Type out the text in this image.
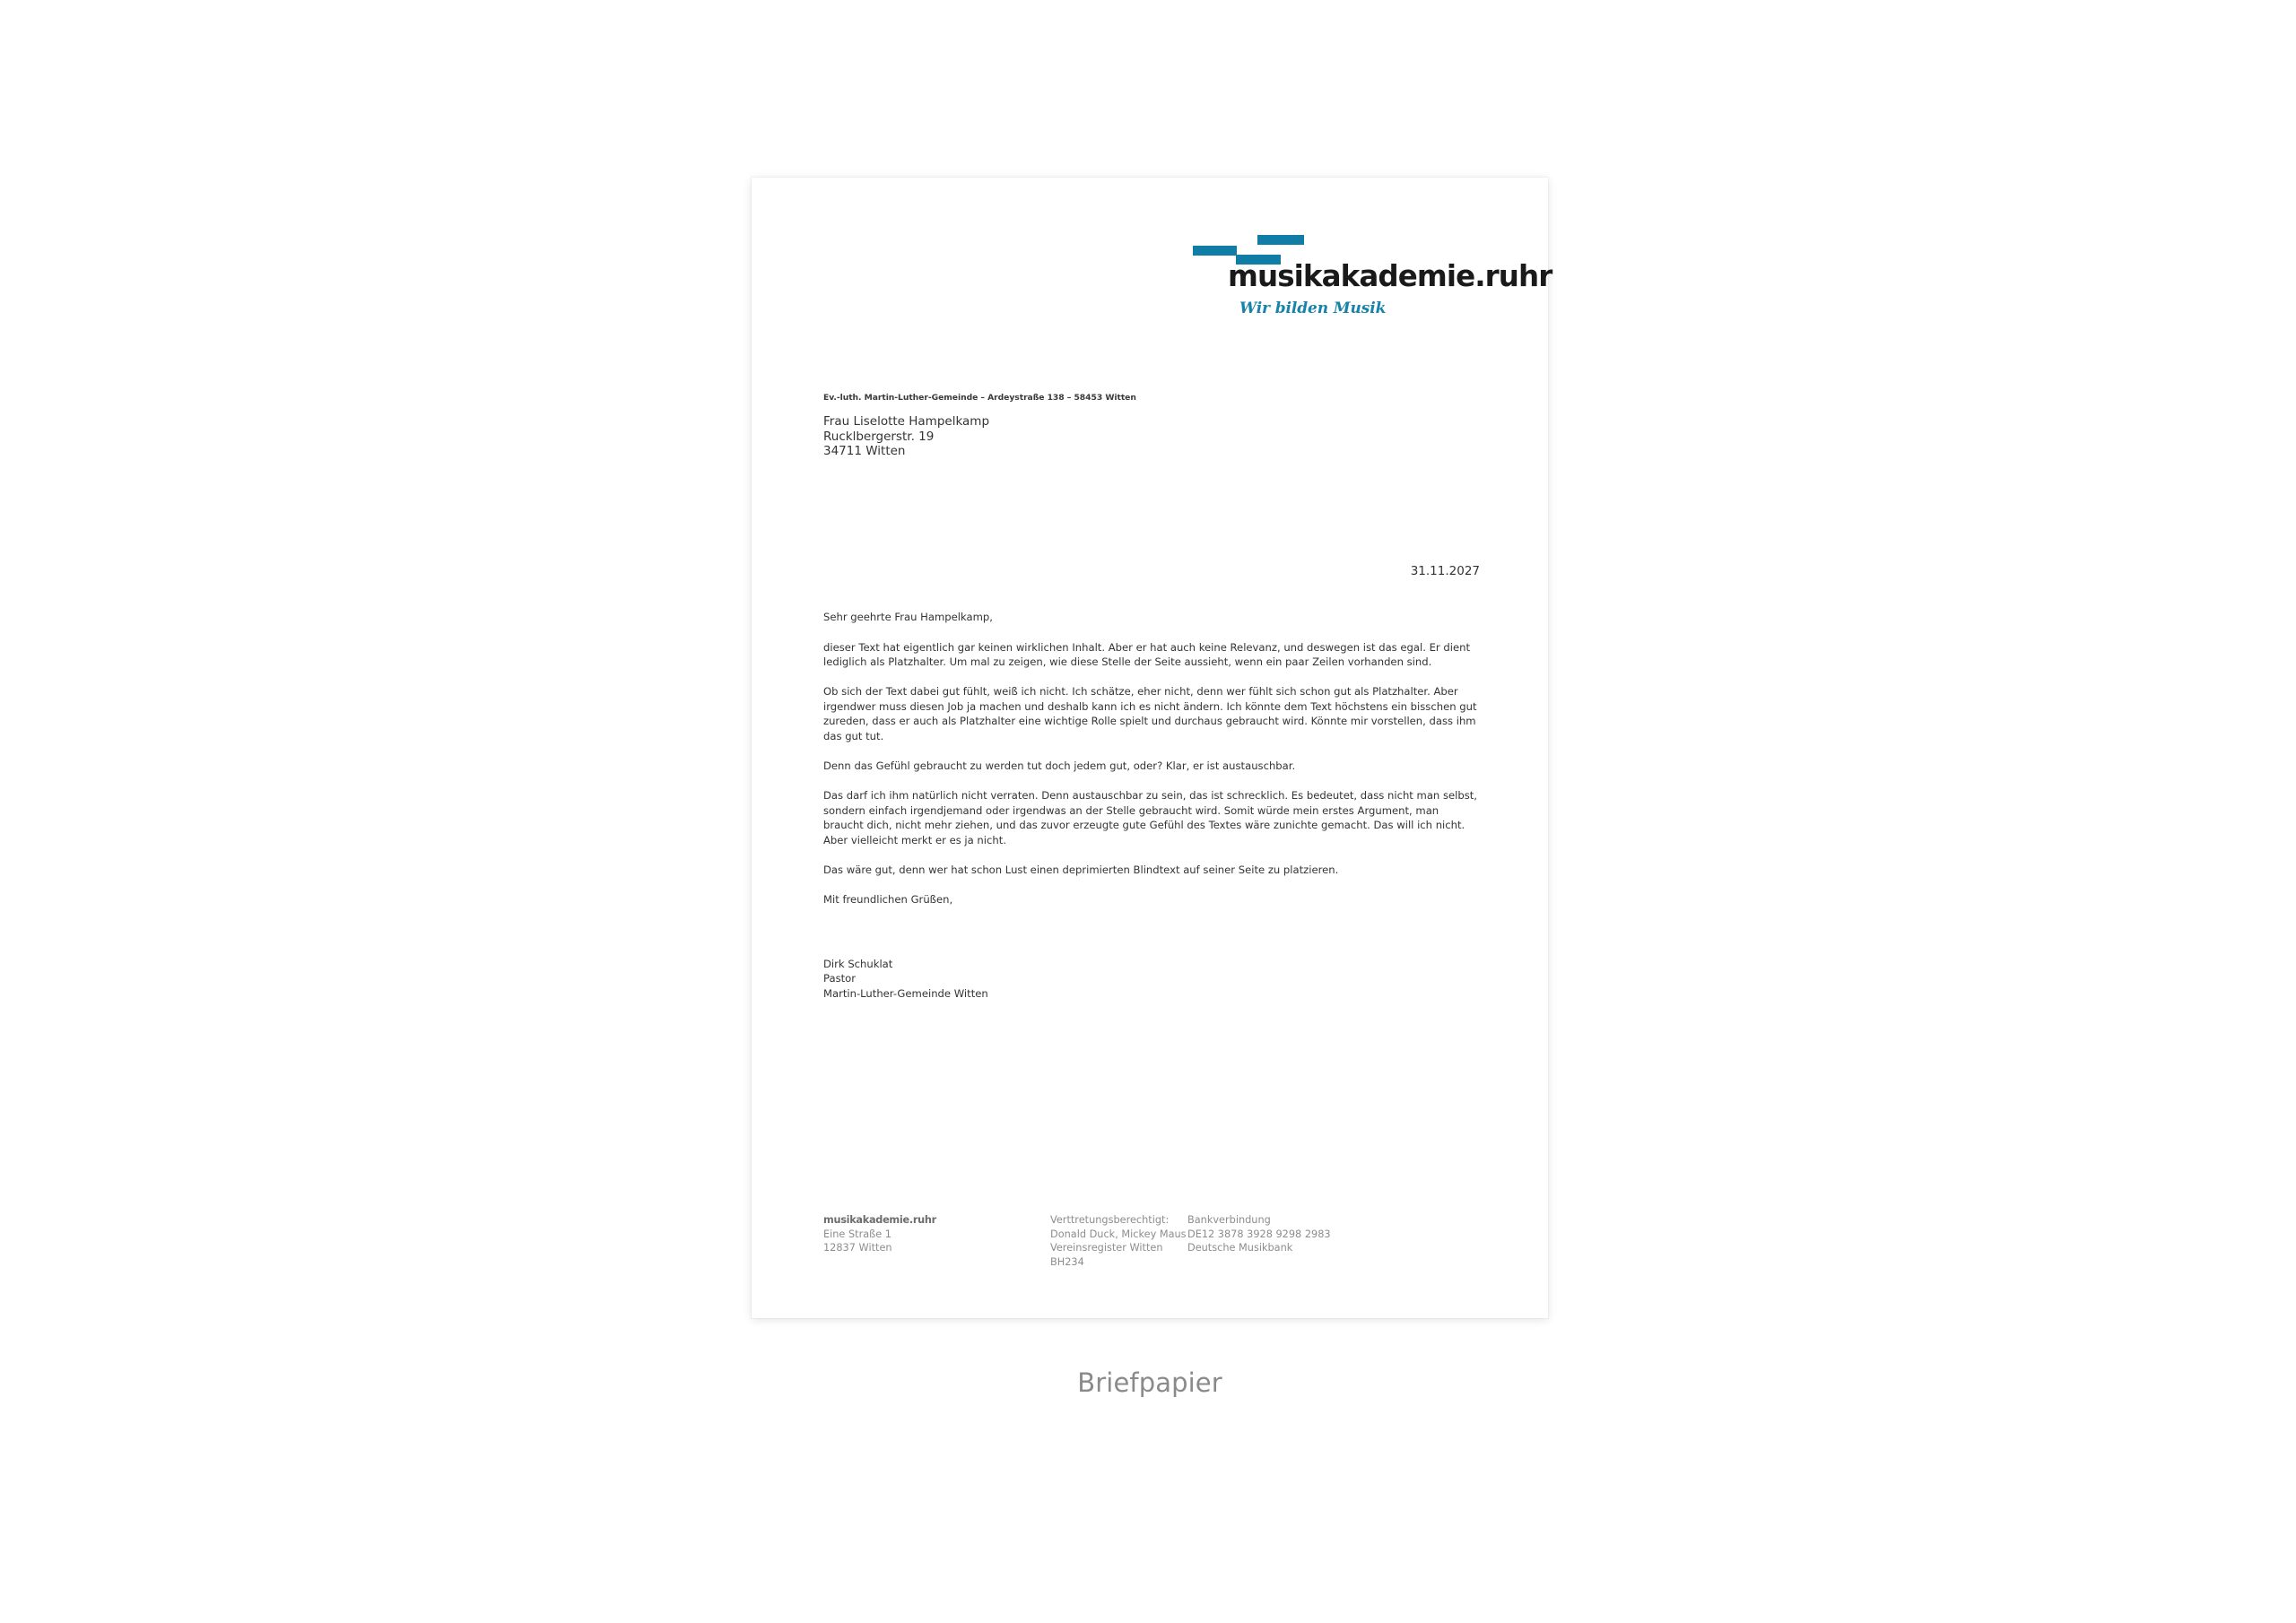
musikakademie.ruhr
Wir bilden Musik
Ev.-luth. Martin-Luther-Gemeinde – Ardeystraße 138 – 58453 Witten
Frau Liselotte Hampelkamp
Rucklbergerstr. 19
34711 Witten
31.11.2027

Sehr geehrte Frau Hampelkamp,

dieser Text hat eigentlich gar keinen wirklichen Inhalt. Aber er hat auch keine Relevanz, und deswegen ist das egal. Er dient lediglich als Platzhalter. Um mal zu zeigen, wie diese Stelle der Seite aussieht, wenn ein paar Zeilen vorhanden sind.

Ob sich der Text dabei gut fühlt, weiß ich nicht. Ich schätze, eher nicht, denn wer fühlt sich schon gut als Platzhalter. Aber irgendwer muss diesen Job ja machen und deshalb kann ich es nicht ändern. Ich könnte dem Text höchstens ein bisschen gut zureden, dass er auch als Platzhalter eine wichtige Rolle spielt und durchaus gebraucht wird. Könnte mir vorstellen, dass ihm das gut tut.

Denn das Gefühl gebraucht zu werden tut doch jedem gut, oder? Klar, er ist austauschbar.

Das darf ich ihm natürlich nicht verraten. Denn austauschbar zu sein, das ist schrecklich. Es bedeutet, dass nicht man selbst, sondern einfach irgendjemand oder irgendwas an der Stelle gebraucht wird. Somit würde mein erstes Argument, man braucht dich, nicht mehr ziehen, und das zuvor erzeugte gute Gefühl des Textes wäre zunichte gemacht. Das will ich nicht. Aber vielleicht merkt er es ja nicht.

Das wäre gut, denn wer hat schon Lust einen deprimierten Blindtext auf seiner Seite zu platzieren.

Mit freundlichen Grüßen,

Dirk Schuklat
Pastor
Martin-Luther-Gemeinde Witten
musikakademie.ruhr
Eine Straße 1
12837 Witten
Verttretungsberechtigt:
Donald Duck, Mickey Maus
Vereinsregister Witten
BH234
Bankverbindung
DE12 3878 3928 9298 2983
Deutsche Musikbank
Briefpapier
